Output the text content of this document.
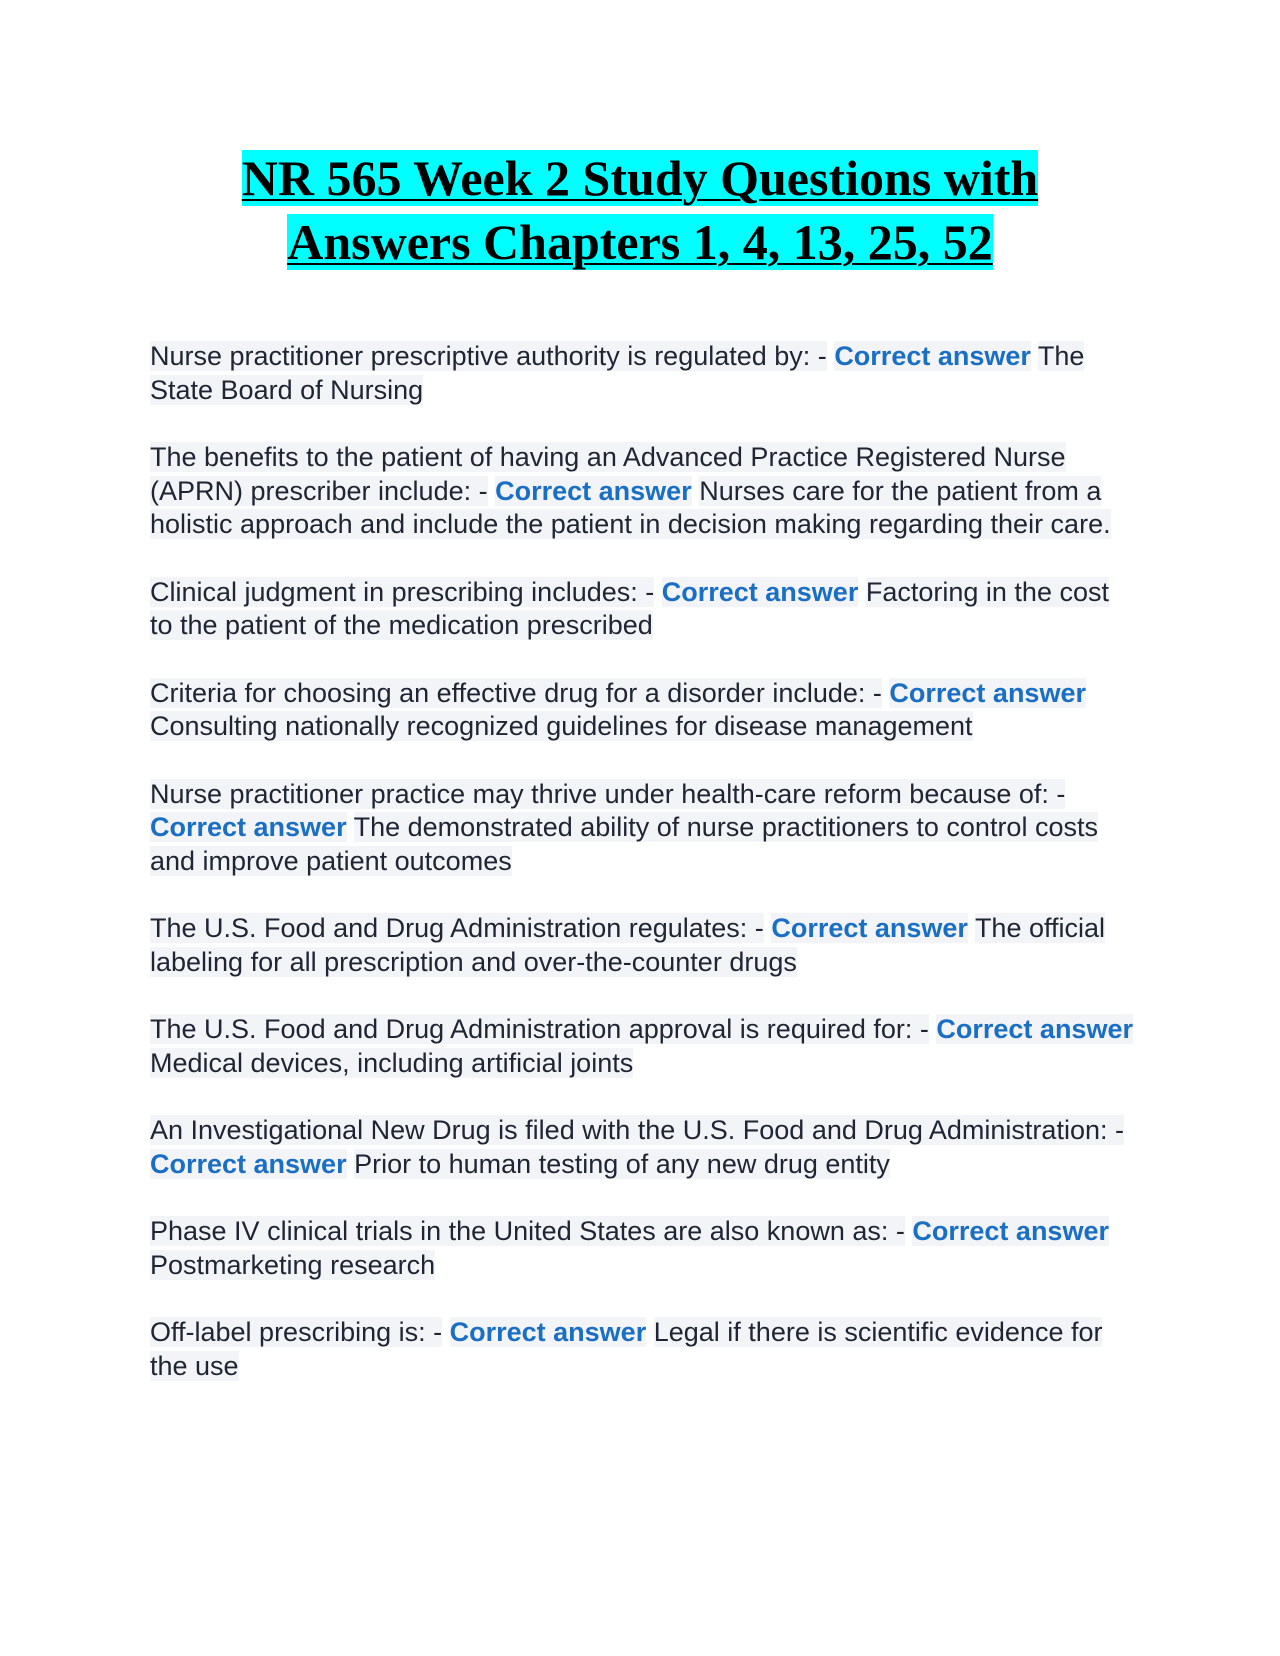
NR 565 Week 2 Study Questions with
Answers Chapters 1, 4, 13, 25, 52

Nurse practitioner prescriptive authority is regulated by: - Correct answer The State Board of Nursing

The benefits to the patient of having an Advanced Practice Registered Nurse (APRN) prescriber include: - Correct answer Nurses care for the patient from a holistic approach and include the patient in decision making regarding their care.

Clinical judgment in prescribing includes: - Correct answer Factoring in the cost to the patient of the medication prescribed

Criteria for choosing an effective drug for a disorder include: - Correct answer Consulting nationally recognized guidelines for disease management

Nurse practitioner practice may thrive under health-care reform because of: - Correct answer The demonstrated ability of nurse practitioners to control costs and improve patient outcomes

The U.S. Food and Drug Administration regulates: - Correct answer The official labeling for all prescription and over-the-counter drugs

The U.S. Food and Drug Administration approval is required for: - Correct answer Medical devices, including artificial joints

An Investigational New Drug is filed with the U.S. Food and Drug Administration: - Correct answer Prior to human testing of any new drug entity

Phase IV clinical trials in the United States are also known as: - Correct answer Postmarketing research

Off-label prescribing is: - Correct answer Legal if there is scientific evidence for the use
